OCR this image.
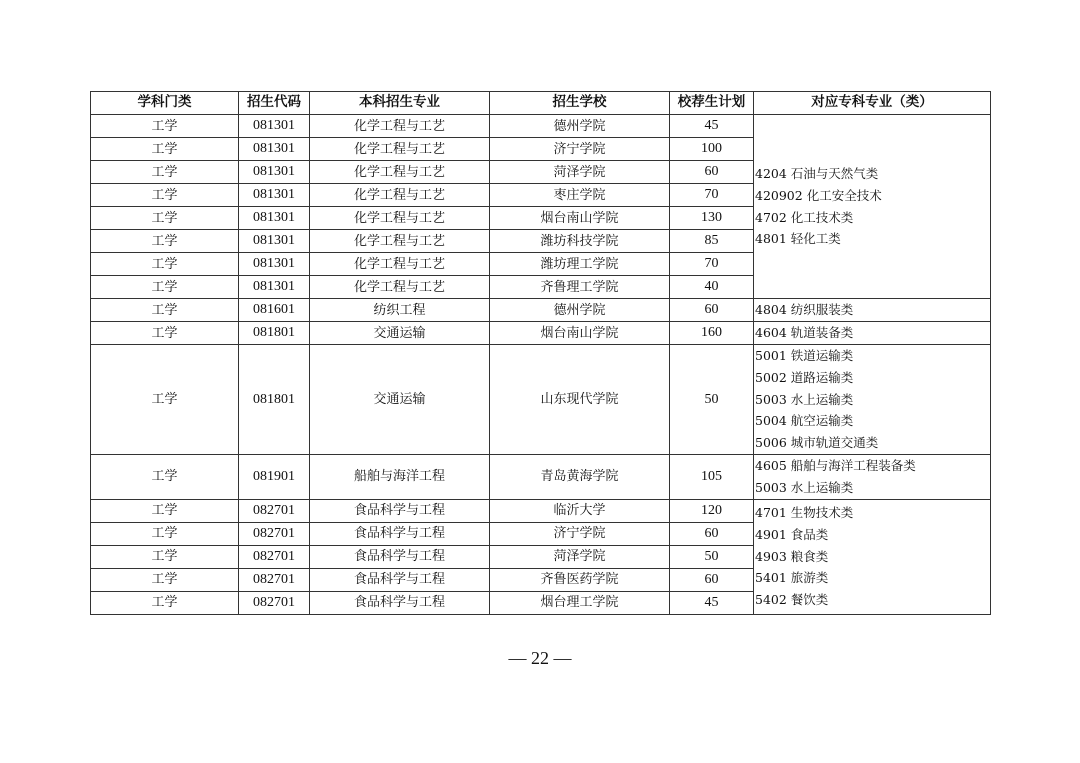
学科门类	招生代码	本科招生专业	招生学校	校荐生计划	对应专科专业（类）
工学	081301	化学工程与工艺	德州学院	45	4204 石油与天然气类
420902 化工安全技术
4702 化工技术类
4801 轻化工类

工学	081301	化学工程与工艺	济宁学院	100	
工学	081301	化学工程与工艺	菏泽学院	60	
工学	081301	化学工程与工艺	枣庄学院	70	
工学	081301	化学工程与工艺	烟台南山学院	130	
工学	081301	化学工程与工艺	潍坊科技学院	85	
工学	081301	化学工程与工艺	潍坊理工学院	70	
工学	081301	化学工程与工艺	齐鲁理工学院	40	
工学	081601	纺织工程	德州学院	60	4804 纺织服装类

工学	081801	交通运输	烟台南山学院	160	4604 轨道装备类

工学	081801	交通运输	山东现代学院	50	5001 铁道运输类
5002 道路运输类
5003 水上运输类
5004 航空运输类
5006 城市轨道交通类

工学	081901	船舶与海洋工程	青岛黄海学院	105	4605 船舶与海洋工程装备类
5003 水上运输类

工学	082701	食品科学与工程	临沂大学	120	4701 生物技术类
4901 食品类
4903 粮食类
5401 旅游类
5402 餐饮类

工学	082701	食品科学与工程	济宁学院	60	
工学	082701	食品科学与工程	菏泽学院	50	
工学	082701	食品科学与工程	齐鲁医药学院	60	
工学	082701	食品科学与工程	烟台理工学院	45	
— 22 —
